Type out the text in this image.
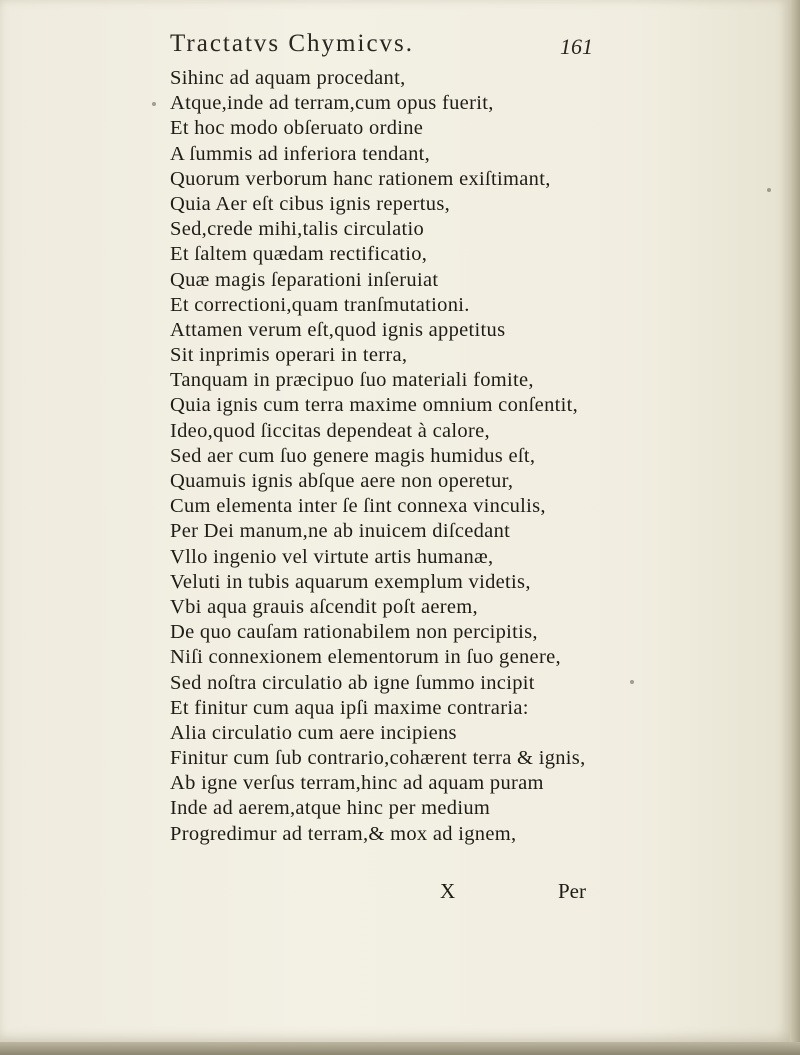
Tractatvs Chymicvs.	161
Sihinc ad aquam procedant,
Atque,inde ad terram,cum opus fuerit,
Et hoc modo obſeruato ordine
A ſummis ad inferiora tendant,
Quorum verborum hanc rationem exiſtimant,
Quia Aer eſt cibus ignis repertus,
Sed,crede mihi,talis circulatio
Et ſaltem quædam rectificatio,
Quæ magis ſeparationi inſeruiat
Et correctioni,quam tranſmutationi.
Attamen verum eſt,quod ignis appetitus
Sit inprimis operari in terra,
Tanquam in præcipuo ſuo materiali fomite,
Quia ignis cum terra maxime omnium conſentit,
Ideo,quod ſiccitas dependeat à calore,
Sed aer cum ſuo genere magis humidus eſt,
Quamuis ignis abſque aere non operetur,
Cum elementa inter ſe ſint connexa vinculis,
Per Dei manum,ne ab inuicem diſcedant
Vllo ingenio vel virtute artis humanæ,
Veluti in tubis aquarum exemplum videtis,
Vbi aqua grauis aſcendit poſt aerem,
De quo cauſam rationabilem non percipitis,
Niſi connexionem elementorum in ſuo genere,
Sed noſtra circulatio ab igne ſummo incipit
Et finitur cum aqua ipſi maxime contraria:
Alia circulatio cum aere incipiens
Finitur cum ſub contrario,cohærent terra & ignis,
Ab igne verſus terram,hinc ad aquam puram
Inde ad aerem,atque hinc per medium
Progredimur ad terram,& mox ad ignem,
X	Per
